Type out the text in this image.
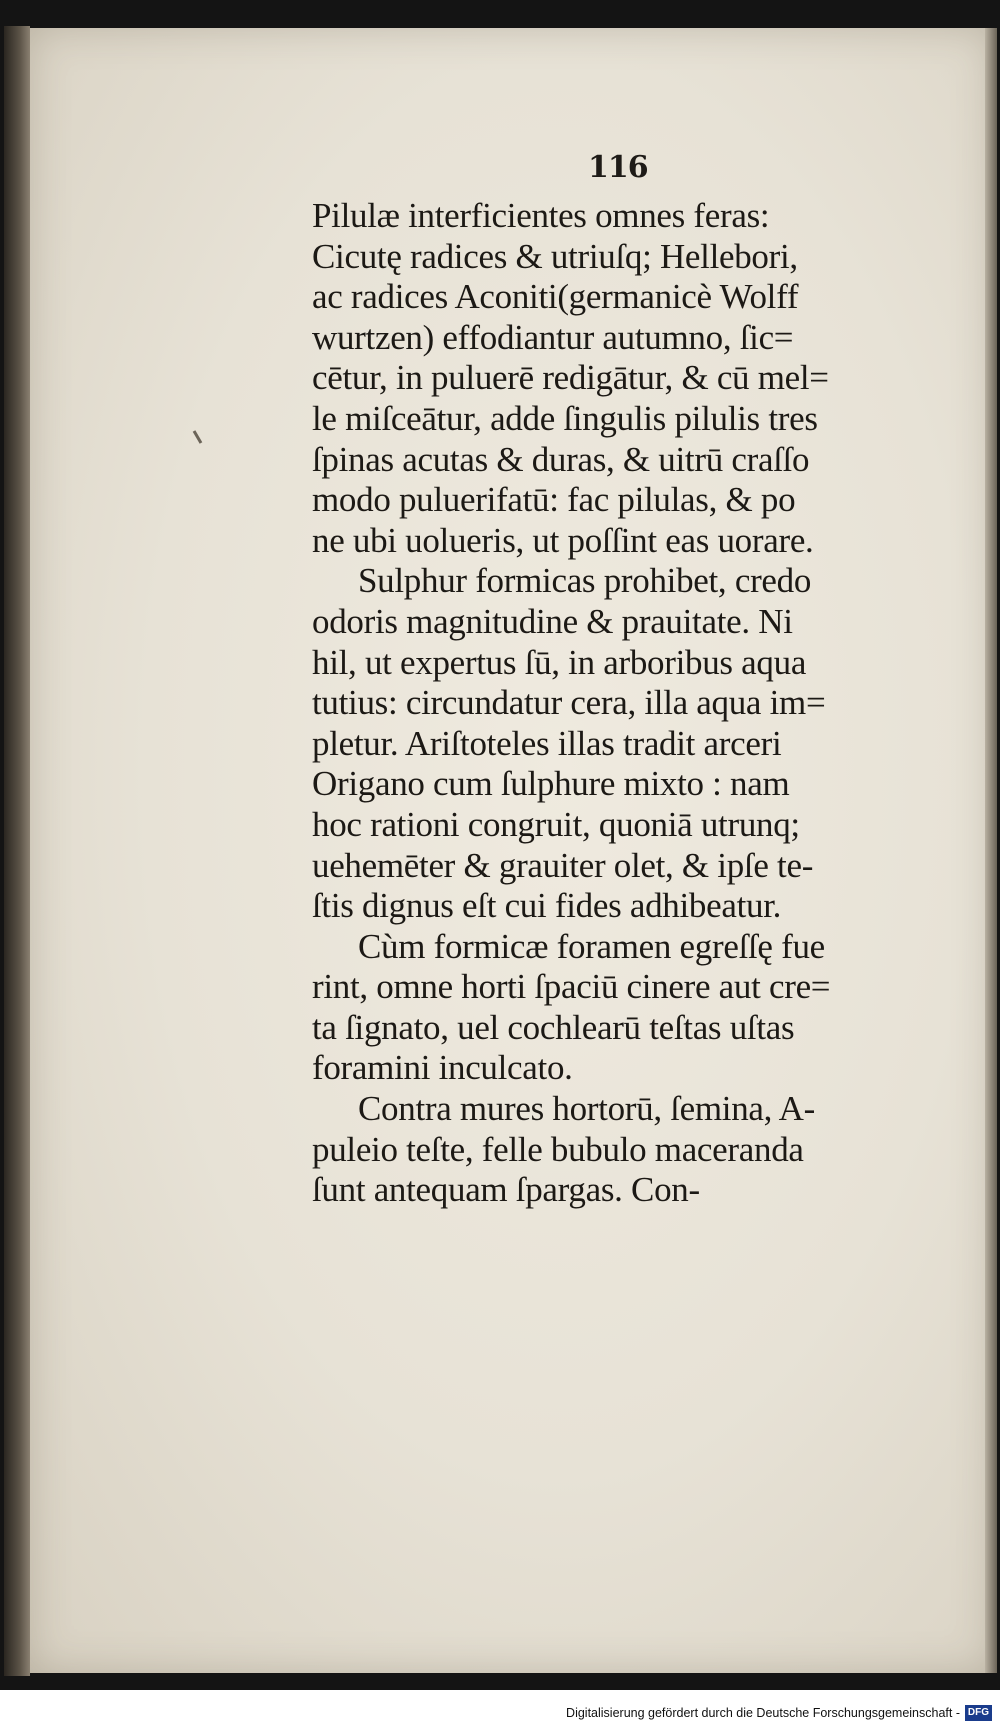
116
Pilulæ interficientes omnes feras:
Cicutę radices & utriuſq; Hellebori,
ac radices Aconiti(germanicè Wolff
wurtzen) effodiantur autumno, ſic=
cētur, in puluerē redigātur, & cū mel=
le miſceātur, adde ſingulis pilulis tres
ſpinas acutas & duras, & uitrū craſſo
modo puluerifatū: fac pilulas, & po
ne ubi uolueris, ut poſſint eas uorare.
Sulphur formicas prohibet, credo
odoris magnitudine & prauitate. Ni
hil, ut expertus ſū, in arboribus aqua
tutius: circundatur cera, illa aqua im=
pletur. Ariſtoteles illas tradit arceri
Origano cum ſulphure mixto : nam
hoc rationi congruit, quoniā utrunq;
uehemēter & grauiter olet, & ipſe te-
ſtis dignus eſt cui fides adhibeatur.
Cùm formicæ foramen egreſſę fue
rint, omne horti ſpaciū cinere aut cre=
ta ſignato, uel cochlearū teſtas uſtas
foramini inculcato.
Contra mures hortorū, ſemina, A-
puleio teſte, felle bubulo maceranda
ſunt antequam ſpargas. Con-
Digitalisierung gefördert durch die Deutsche Forschungsgemeinschaft - DFG
